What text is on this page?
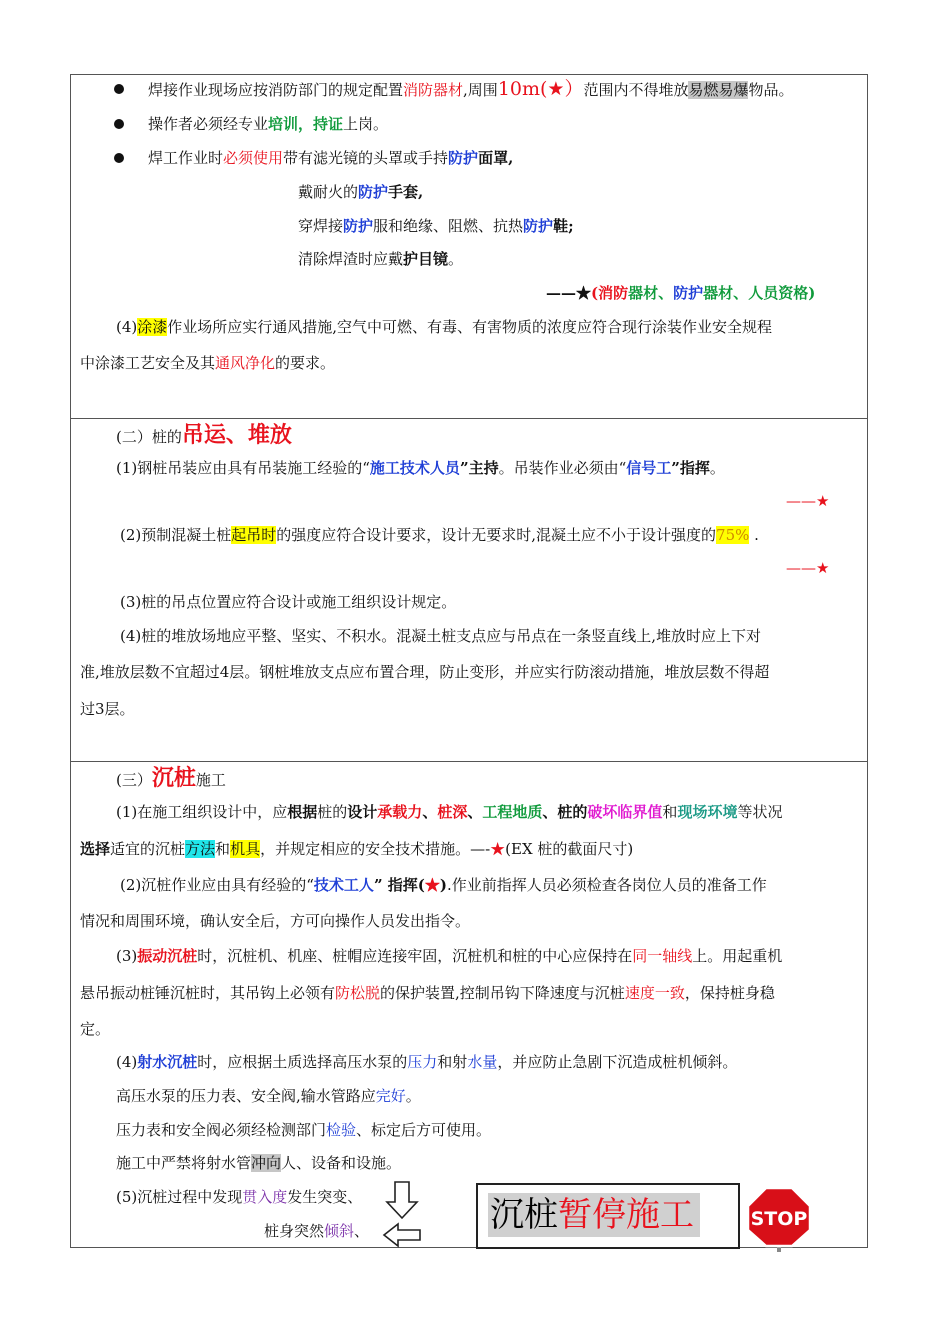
焊接作业现场应按消防部门的规定配置消防器材,周围10m(★）范围内不得堆放易燃易爆物品。
操作者必须经专业培训，持证上岗。
焊工作业时必须使用带有滤光镜的头罩或手持防护面罩,
戴耐火的防护手套,
穿焊接防护服和绝缘、阻燃、抗热防护鞋;
清除焊渣时应戴护目镜。
——★(消防器材、防护器材、人员资格)
(4)涂漆作业场所应实行通风措施,空气中可燃、有毒、有害物质的浓度应符合现行涂装作业安全规程
中涂漆工艺安全及其通风净化的要求。
(二）桩的吊运、堆放
(1)钢桩吊装应由具有吊装施工经验的“施工技术人员”主持。吊装作业必须由“信号工”指挥。
——★
(2)预制混凝土桩起吊时的强度应符合设计要求，设计无要求时,混凝土应不小于设计强度的75% .
——★
(3)桩的吊点位置应符合设计或施工组织设计规定。
(4)桩的堆放场地应平整、坚实、不积水。混凝土桩支点应与吊点在一条竖直线上,堆放时应上下对
准,堆放层数不宜超过4层。钢桩堆放支点应布置合理，防止变形，并应实行防滚动措施，堆放层数不得超
过3层。
(三）沉桩施工
(1)在施工组织设计中，应根据桩的设计承载力、桩深、工程地质、桩的破坏临界值和现场环境等状况
选择适宜的沉桩方法和机具，并规定相应的安全技术措施。—-★(EX 桩的截面尺寸)
(2)沉桩作业应由具有经验的“技术工人” 指挥(★).作业前指挥人员必须检查各岗位人员的准备工作
情况和周围环境，确认安全后，方可向操作人员发出指令。
(3)振动沉桩时，沉桩机、机座、桩帽应连接牢固，沉桩机和桩的中心应保持在同一轴线上。用起重机
悬吊振动桩锤沉桩时，其吊钩上必领有防松脱的保护装置,控制吊钩下降速度与沉桩速度一致，保持桩身稳
定。
(4)射水沉桩时，应根据土质选择高压水泵的压力和射水量，并应防止急剧下沉造成桩机倾斜。
高压水泵的压力表、安全阀,输水管路应完好。
压力表和安全阀必须经检测部门检验、标定后方可使用。
施工中严禁将射水管冲向人、设备和设施。
(5)沉桩过程中发现贯入度发生突变、
桩身突然倾斜、	沉桩暂停施工	STOP
